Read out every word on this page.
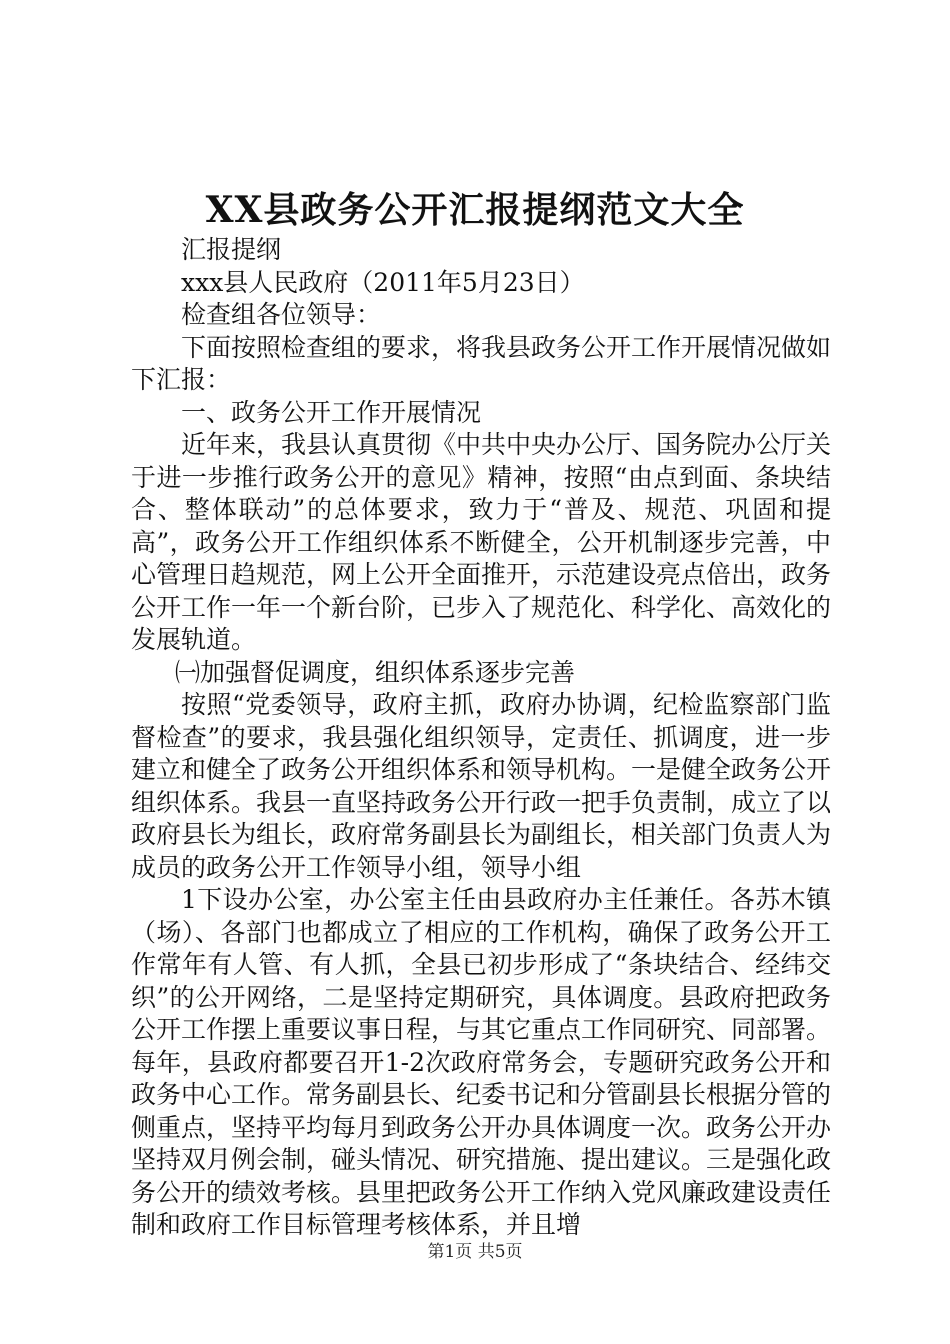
XX县政务公开汇报提纲范文大全

汇报提纲

xxx县人民政府（2011年5月23日）

检查组各位领导：

下面按照检查组的要求，将我县政务公开工作开展情况做如下汇报：

一、政务公开工作开展情况

近年来，我县认真贯彻《中共中央办公厅、国务院办公厅关于进一步推行政务公开的意见》精神，按照“由点到面、条块结合、整体联动”的总体要求，致力于“普及、规范、巩固和提高”，政务公开工作组织体系不断健全，公开机制逐步完善，中心管理日趋规范，网上公开全面推开，示范建设亮点倍出，政务公开工作一年一个新台阶，已步入了规范化、科学化、高效化的发展轨道。

㈠加强督促调度，组织体系逐步完善

按照“党委领导，政府主抓，政府办协调，纪检监察部门监督检查”的要求，我县强化组织领导，定责任、抓调度，进一步建立和健全了政务公开组织体系和领导机构。一是健全政务公开组织体系。我县一直坚持政务公开行政一把手负责制，成立了以政府县长为组长，政府常务副县长为副组长，相关部门负责人为成员的政务公开工作领导小组，领导小组

1下设办公室，办公室主任由县政府办主任兼任。各苏木镇（场）、各部门也都成立了相应的工作机构，确保了政务公开工作常年有人管、有人抓，全县已初步形成了“条块结合、经纬交织”的公开网络，二是坚持定期研究，具体调度。县政府把政务公开工作摆上重要议事日程，与其它重点工作同研究、同部署。每年，县政府都要召开1-2次政府常务会，专题研究政务公开和政务中心工作。常务副县长、纪委书记和分管副县长根据分管的侧重点，坚持平均每月到政务公开办具体调度一次。政务公开办坚持双月例会制，碰头情况、研究措施、提出建议。三是强化政务公开的绩效考核。县里把政务公开工作纳入党风廉政建设责任制和政府工作目标管理考核体系，并且增

第1页 共5页
